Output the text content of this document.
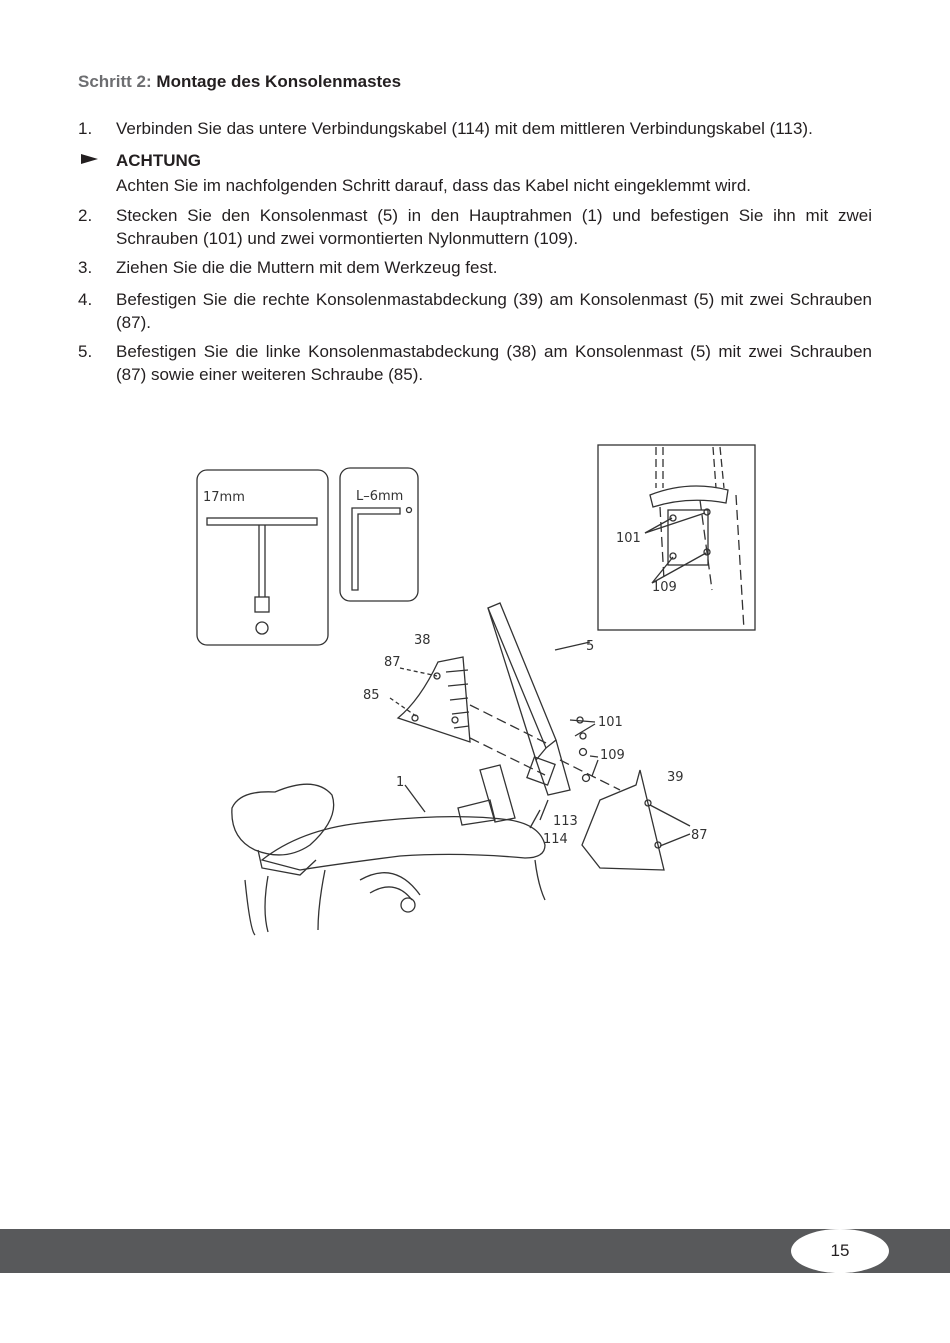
Schritt 2: Montage des Konsolenmastes
1.	Verbinden Sie das untere Verbindungskabel (114) mit dem mittleren Verbindungskabel (113).
ACHTUNG
Achten Sie im nachfolgenden Schritt darauf, dass das Kabel nicht eingeklemmt wird.
2.	Stecken Sie den Konsolenmast (5) in den Hauptrahmen (1) und befestigen Sie ihn mit zwei Schrauben (101) und zwei vormontierten Nylonmuttern (109).
3.	Ziehen Sie die die Muttern mit dem Werkzeug fest.
4.	Befestigen Sie die rechte Konsolenmastabdeckung (39) am Konsolenmast (5) mit zwei Schrauben (87).
5.	Befestigen Sie die linke Konsolenmastabdeckung (38) am Konsolenmast (5) mit zwei Schrauben (87) sowie einer weiteren Schraube (85).
17mm	L–6mm
101
109
38
87
85
5
101
109
1	39
113
114	87
15
